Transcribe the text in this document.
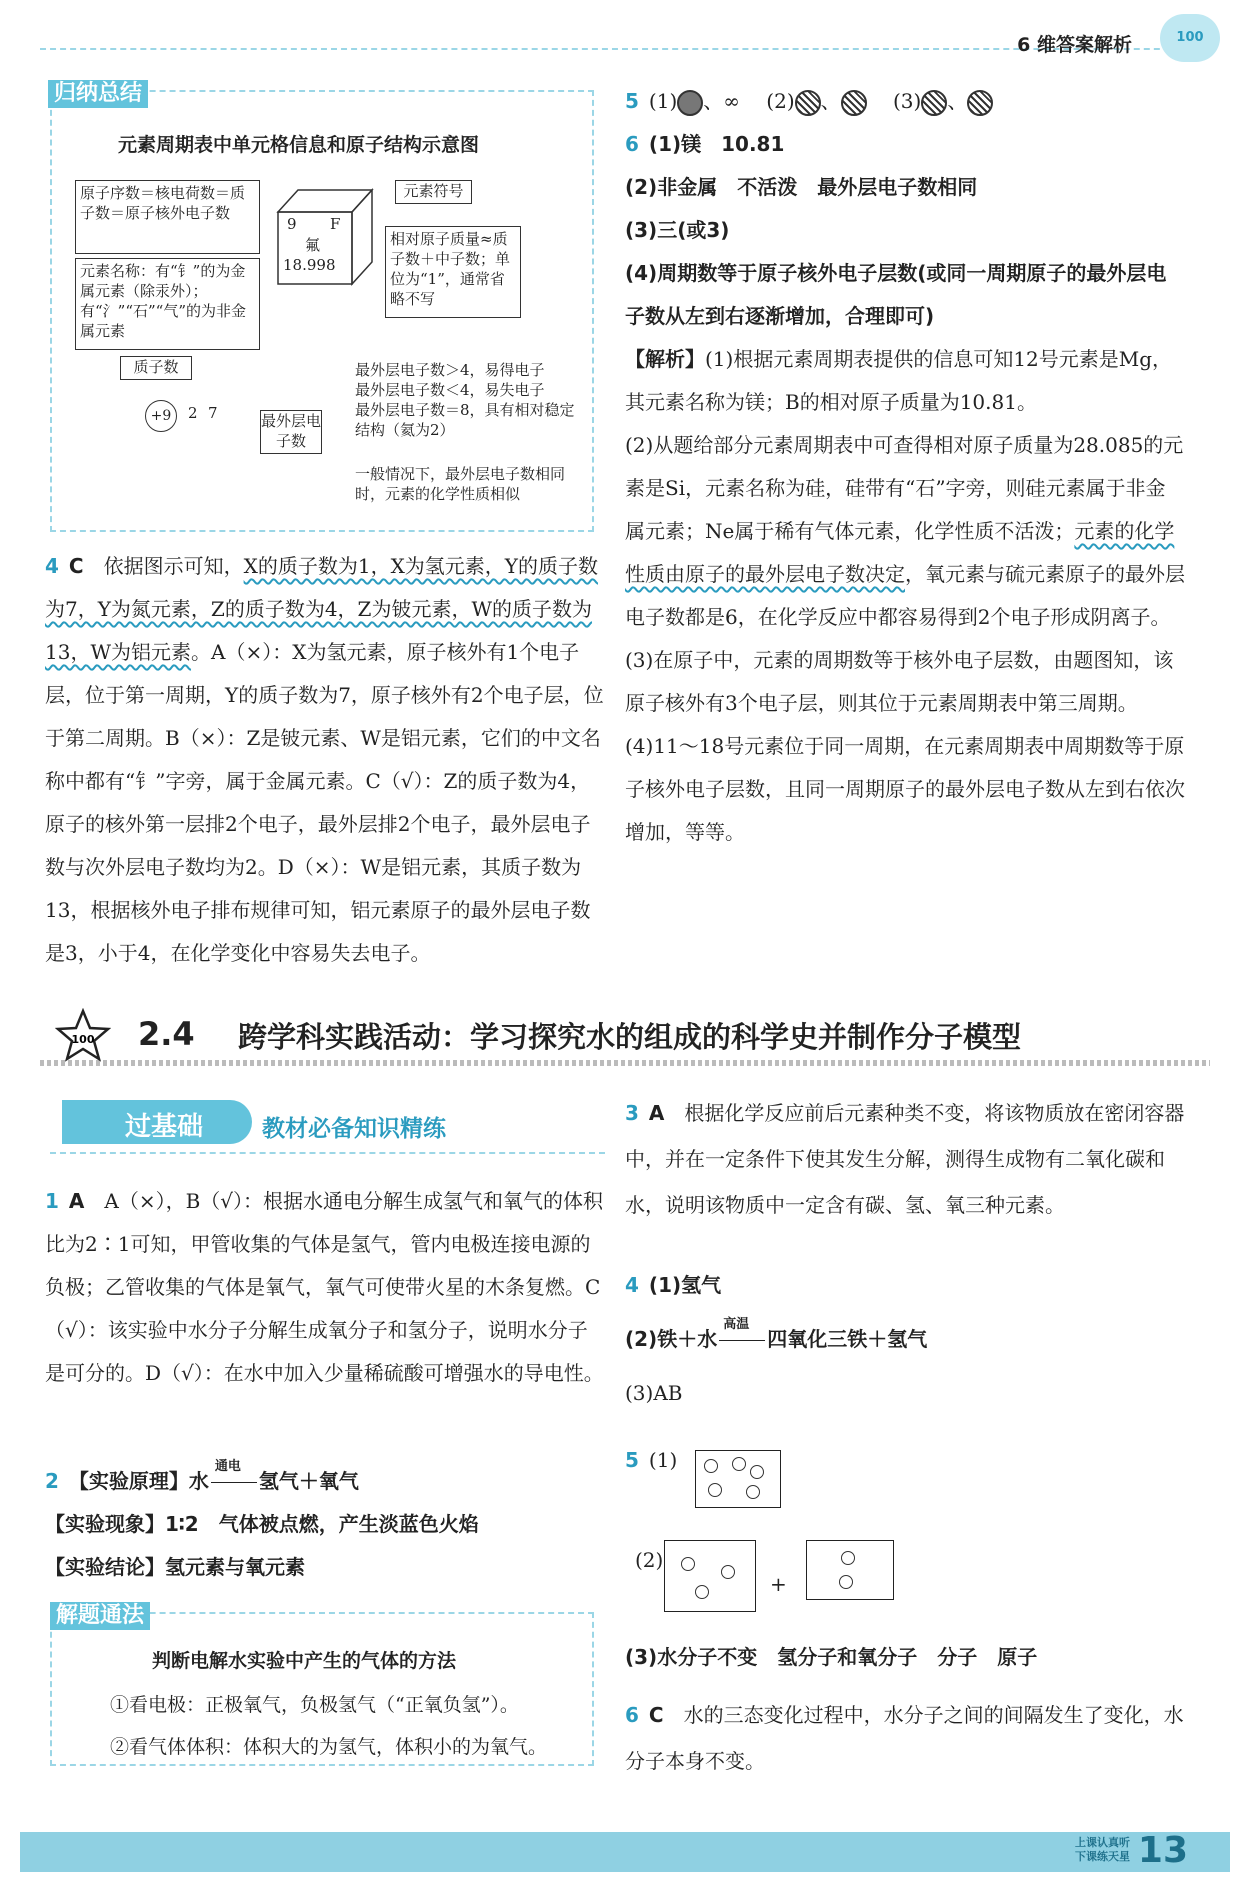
6 维答案解析	100
归纳总结
元素周期表中单元格信息和原子结构示意图
原子序数＝核电荷数＝质子数＝原子核外电子数
元素名称：有“钅”的为金属元素（除汞外）；有“氵”“石”“气”的为非金属元素
元素符号
相对原子质量≈质子数＋中子数；单位为“1”，通常省略不写
9 F
氟
18.998
质子数
+9	2 7	最外层电子数
最外层电子数＞4，易得电子
最外层电子数＜4，易失电子
最外层电子数＝8，具有相对稳定结构（氦为2）
一般情况下，最外层电子数相同时，元素的化学性质相似

4 C　 依据图示可知，X的质子数为1，X为氢元素，Y的质子数为7，Y为氮元素，Z的质子数为4，Z为铍元素，W的质子数为13，W为铝元素。A（×）：X为氢元素，原子核外有1个电子层，位于第一周期，Y的质子数为7，原子核外有2个电子层，位于第二周期。B（×）：Z是铍元素、W是铝元素，它们的中文名称中都有“钅”字旁，属于金属元素。C（√）：Z的质子数为4，原子的核外第一层排2个电子，最外层排2个电子，最外层电子数与次外层电子数均为2。D（×）：W是铝元素，其质子数为13，根据核外电子排布规律可知，铝元素原子的最外层电子数是3，小于4，在化学变化中容易失去电子。

5 (1) 、∞　 (2) 、　	(3) 、

6 (1)镁　10.81

(2)非金属　不活泼　最外层电子数相同

(3)三(或3)

(4)周期数等于原子核外电子层数(或同一周期原子的最外层电子数从左到右逐渐增加，合理即可)

【解析】(1)根据元素周期表提供的信息可知12号元素是Mg，其元素名称为镁；B的相对原子质量为10.81。

(2)从题给部分元素周期表中可查得相对原子质量为28.085的元素是Si，元素名称为硅，硅带有“石”字旁，则硅元素属于非金属元素；Ne属于稀有气体元素，化学性质不活泼；元素的化学性质由原子的最外层电子数决定，氧元素与硫元素原子的最外层电子数都是6，在化学反应中都容易得到2个电子形成阴离子。

(3)在原子中，元素的周期数等于核外电子层数，由题图知，该原子核外有3个电子层，则其位于元素周期表中第三周期。

(4)11～18号元素位于同一周期，在元素周期表中周期数等于原子核外电子层数，且同一周期原子的最外层电子数从左到右依次增加，等等。

100 2.4 跨学科实践活动：学习探究水的组成的科学史并制作分子模型
过基础	教材必备知识精练

1 A　 A（×），B（√）：根据水通电分解生成氢气和氧气的体积比为2∶1可知，甲管收集的气体是氢气，管内电极连接电源的负极；乙管收集的气体是氧气，氧气可使带火星的木条复燃。C（√）：该实验中水分子分解生成氧分子和氢分子，说明水分子是可分的。D（√）：在水中加入少量稀硫酸可增强水的导电性。

2 【实验原理】水
通电
氢气＋氧气

【实验现象】1∶2　气体被点燃，产生淡蓝色火焰

【实验结论】氢元素与氧元素

解题通法
判断电解水实验中产生的气体的方法
①看电极：正极氧气，负极氢气（“正氧负氢”）。
②看气体体积：体积大的为氢气，体积小的为氧气。

3 A　 根据化学反应前后元素种类不变，将该物质放在密闭容器中，并在一定条件下使其发生分解，测得生成物有二氧化碳和水，说明该物质中一定含有碳、氢、氧三种元素。

4 (1)氢气

(2)铁＋水
高温
四氧化三铁＋氢气

(3)AB

5 (1)
(2)
+

(3)水分子不变　氢分子和氧分子　分子　原子

6 C　 水的三态变化过程中，水分子之间的间隔发生了变化，水分子本身不变。

上课认真听
下课练天星 13
